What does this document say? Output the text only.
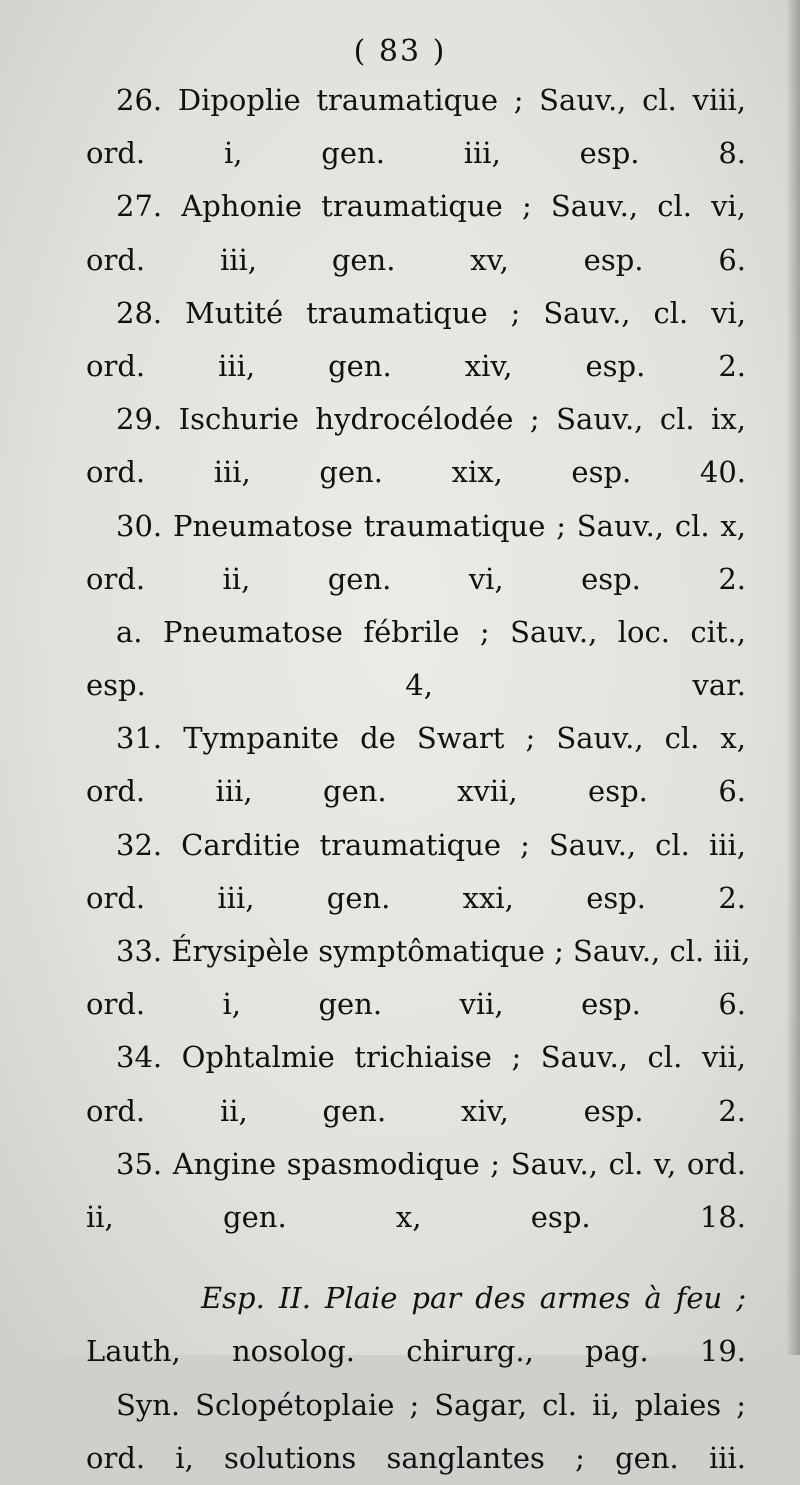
( 83 )
26. Dipoplie traumatique ; Sauv., cl. viii,
ord. i, gen. iii, esp. 8.
27. Aphonie traumatique ; Sauv., cl. vi,
ord. iii, gen. xv, esp. 6.
28. Mutité traumatique ; Sauv., cl. vi,
ord. iii, gen. xiv, esp. 2.
29. Ischurie hydrocélodée ; Sauv., cl. ix,
ord. iii, gen. xix, esp. 40.
30. Pneumatose traumatique ; Sauv., cl. x,
ord. ii, gen. vi, esp. 2.
a. Pneumatose fébrile ; Sauv., loc. cit.,
esp. 4, var.
31. Tympanite de Swart ; Sauv., cl. x,
ord. iii, gen. xvii, esp. 6.
32. Carditie traumatique ; Sauv., cl. iii,
ord. iii, gen. xxi, esp. 2.
33. Érysipèle symptômatique ; Sauv., cl. iii,
ord. i, gen. vii, esp. 6.
34. Ophtalmie trichiaise ; Sauv., cl. vii,
ord. ii, gen. xiv, esp. 2.
35. Angine spasmodique ; Sauv., cl. v, ord.
ii, gen. x, esp. 18.
Esp. II. Plaie par des armes à feu ;
Lauth, nosolog. chirurg., pag. 19.
Syn. Sclopétoplaie ; Sagar, cl. ii, plaies ;
ord. i, solutions sanglantes ; gen. iii.
